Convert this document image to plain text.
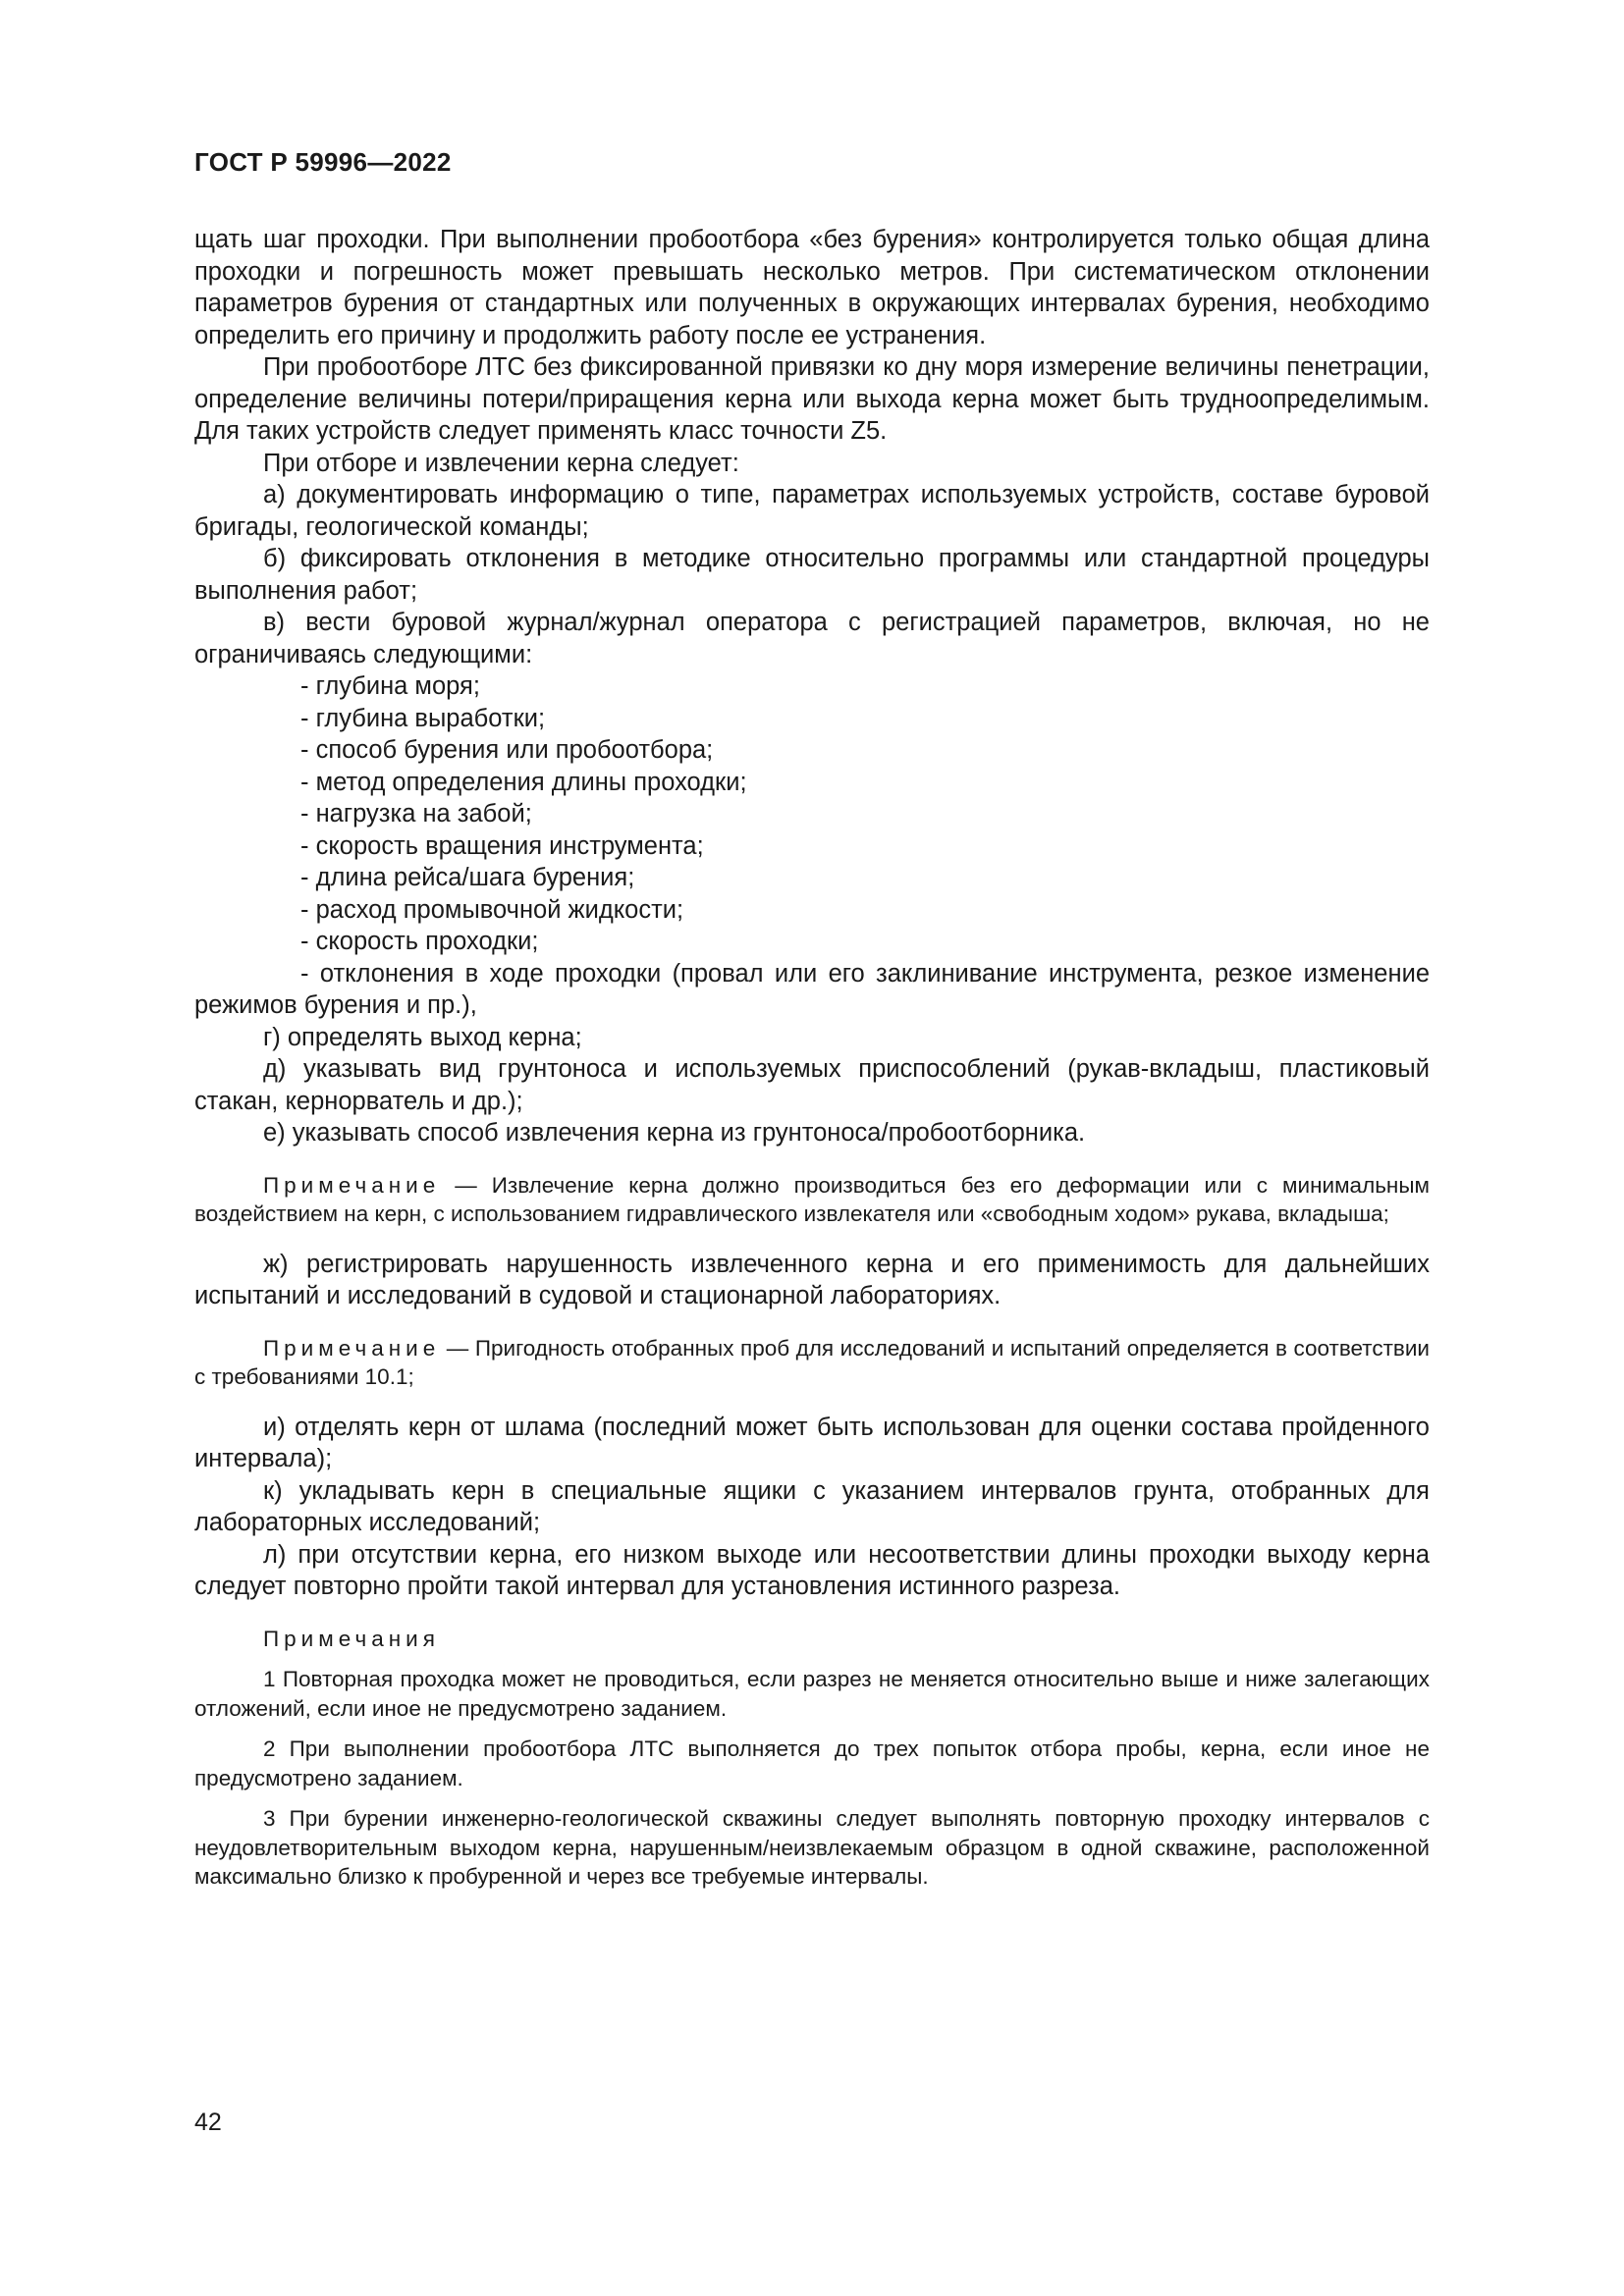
ГОСТ Р 59996—2022

щать шаг проходки. При выполнении пробоотбора «без бурения» контролируется только общая длина проходки и погрешность может превышать несколько метров. При систематическом отклонении параметров бурения от стандартных или полученных в окружающих интервалах бурения, необходимо определить его причину и продолжить работу после ее устранения.

При пробоотборе ЛТС без фиксированной привязки ко дну моря измерение величины пенетрации, определение величины потери/приращения керна или выхода керна может быть трудноопределимым. Для таких устройств следует применять класс точности Z5.

При отборе и извлечении керна следует:

а) документировать информацию о типе, параметрах используемых устройств, составе буровой бригады, геологической команды;

б) фиксировать отклонения в методике относительно программы или стандартной процедуры выполнения работ;

в) вести буровой журнал/журнал оператора с регистрацией параметров, включая, но не ограничиваясь следующими:

- глубина моря;

- глубина выработки;

- способ бурения или пробоотбора;

- метод определения длины проходки;

- нагрузка на забой;

- скорость вращения инструмента;

- длина рейса/шага бурения;

- расход промывочной жидкости;

- скорость проходки;

- отклонения в ходе проходки (провал или его заклинивание инструмента, резкое изменение режимов бурения и пр.),

г) определять выход керна;

д) указывать вид грунтоноса и используемых приспособлений (рукав-вкладыш, пластиковый стакан, кернорватель и др.);

е) указывать способ извлечения керна из грунтоноса/пробоотборника.

Примечание — Извлечение керна должно производиться без его деформации или с минимальным воздействием на керн, с использованием гидравлического извлекателя или «свободным ходом» рукава, вкладыша;

ж) регистрировать нарушенность извлеченного керна и его применимость для дальнейших испытаний и исследований в судовой и стационарной лабораториях.

Примечание — Пригодность отобранных проб для исследований и испытаний определяется в соответствии с требованиями 10.1;

и) отделять керн от шлама (последний может быть использован для оценки состава пройденного интервала);

к) укладывать керн в специальные ящики с указанием интервалов грунта, отобранных для лабораторных исследований;

л) при отсутствии керна, его низком выходе или несоответствии длины проходки выходу керна следует повторно пройти такой интервал для установления истинного разреза.

Примечания

1 Повторная проходка может не проводиться, если разрез не меняется относительно выше и ниже залегающих отложений, если иное не предусмотрено заданием.

2 При выполнении пробоотбора ЛТС выполняется до трех попыток отбора пробы, керна, если иное не предусмотрено заданием.

3 При бурении инженерно-геологической скважины следует выполнять повторную проходку интервалов с неудовлетворительным выходом керна, нарушенным/неизвлекаемым образцом в одной скважине, расположенной максимально близко к пробуренной и через все требуемые интервалы.

42
